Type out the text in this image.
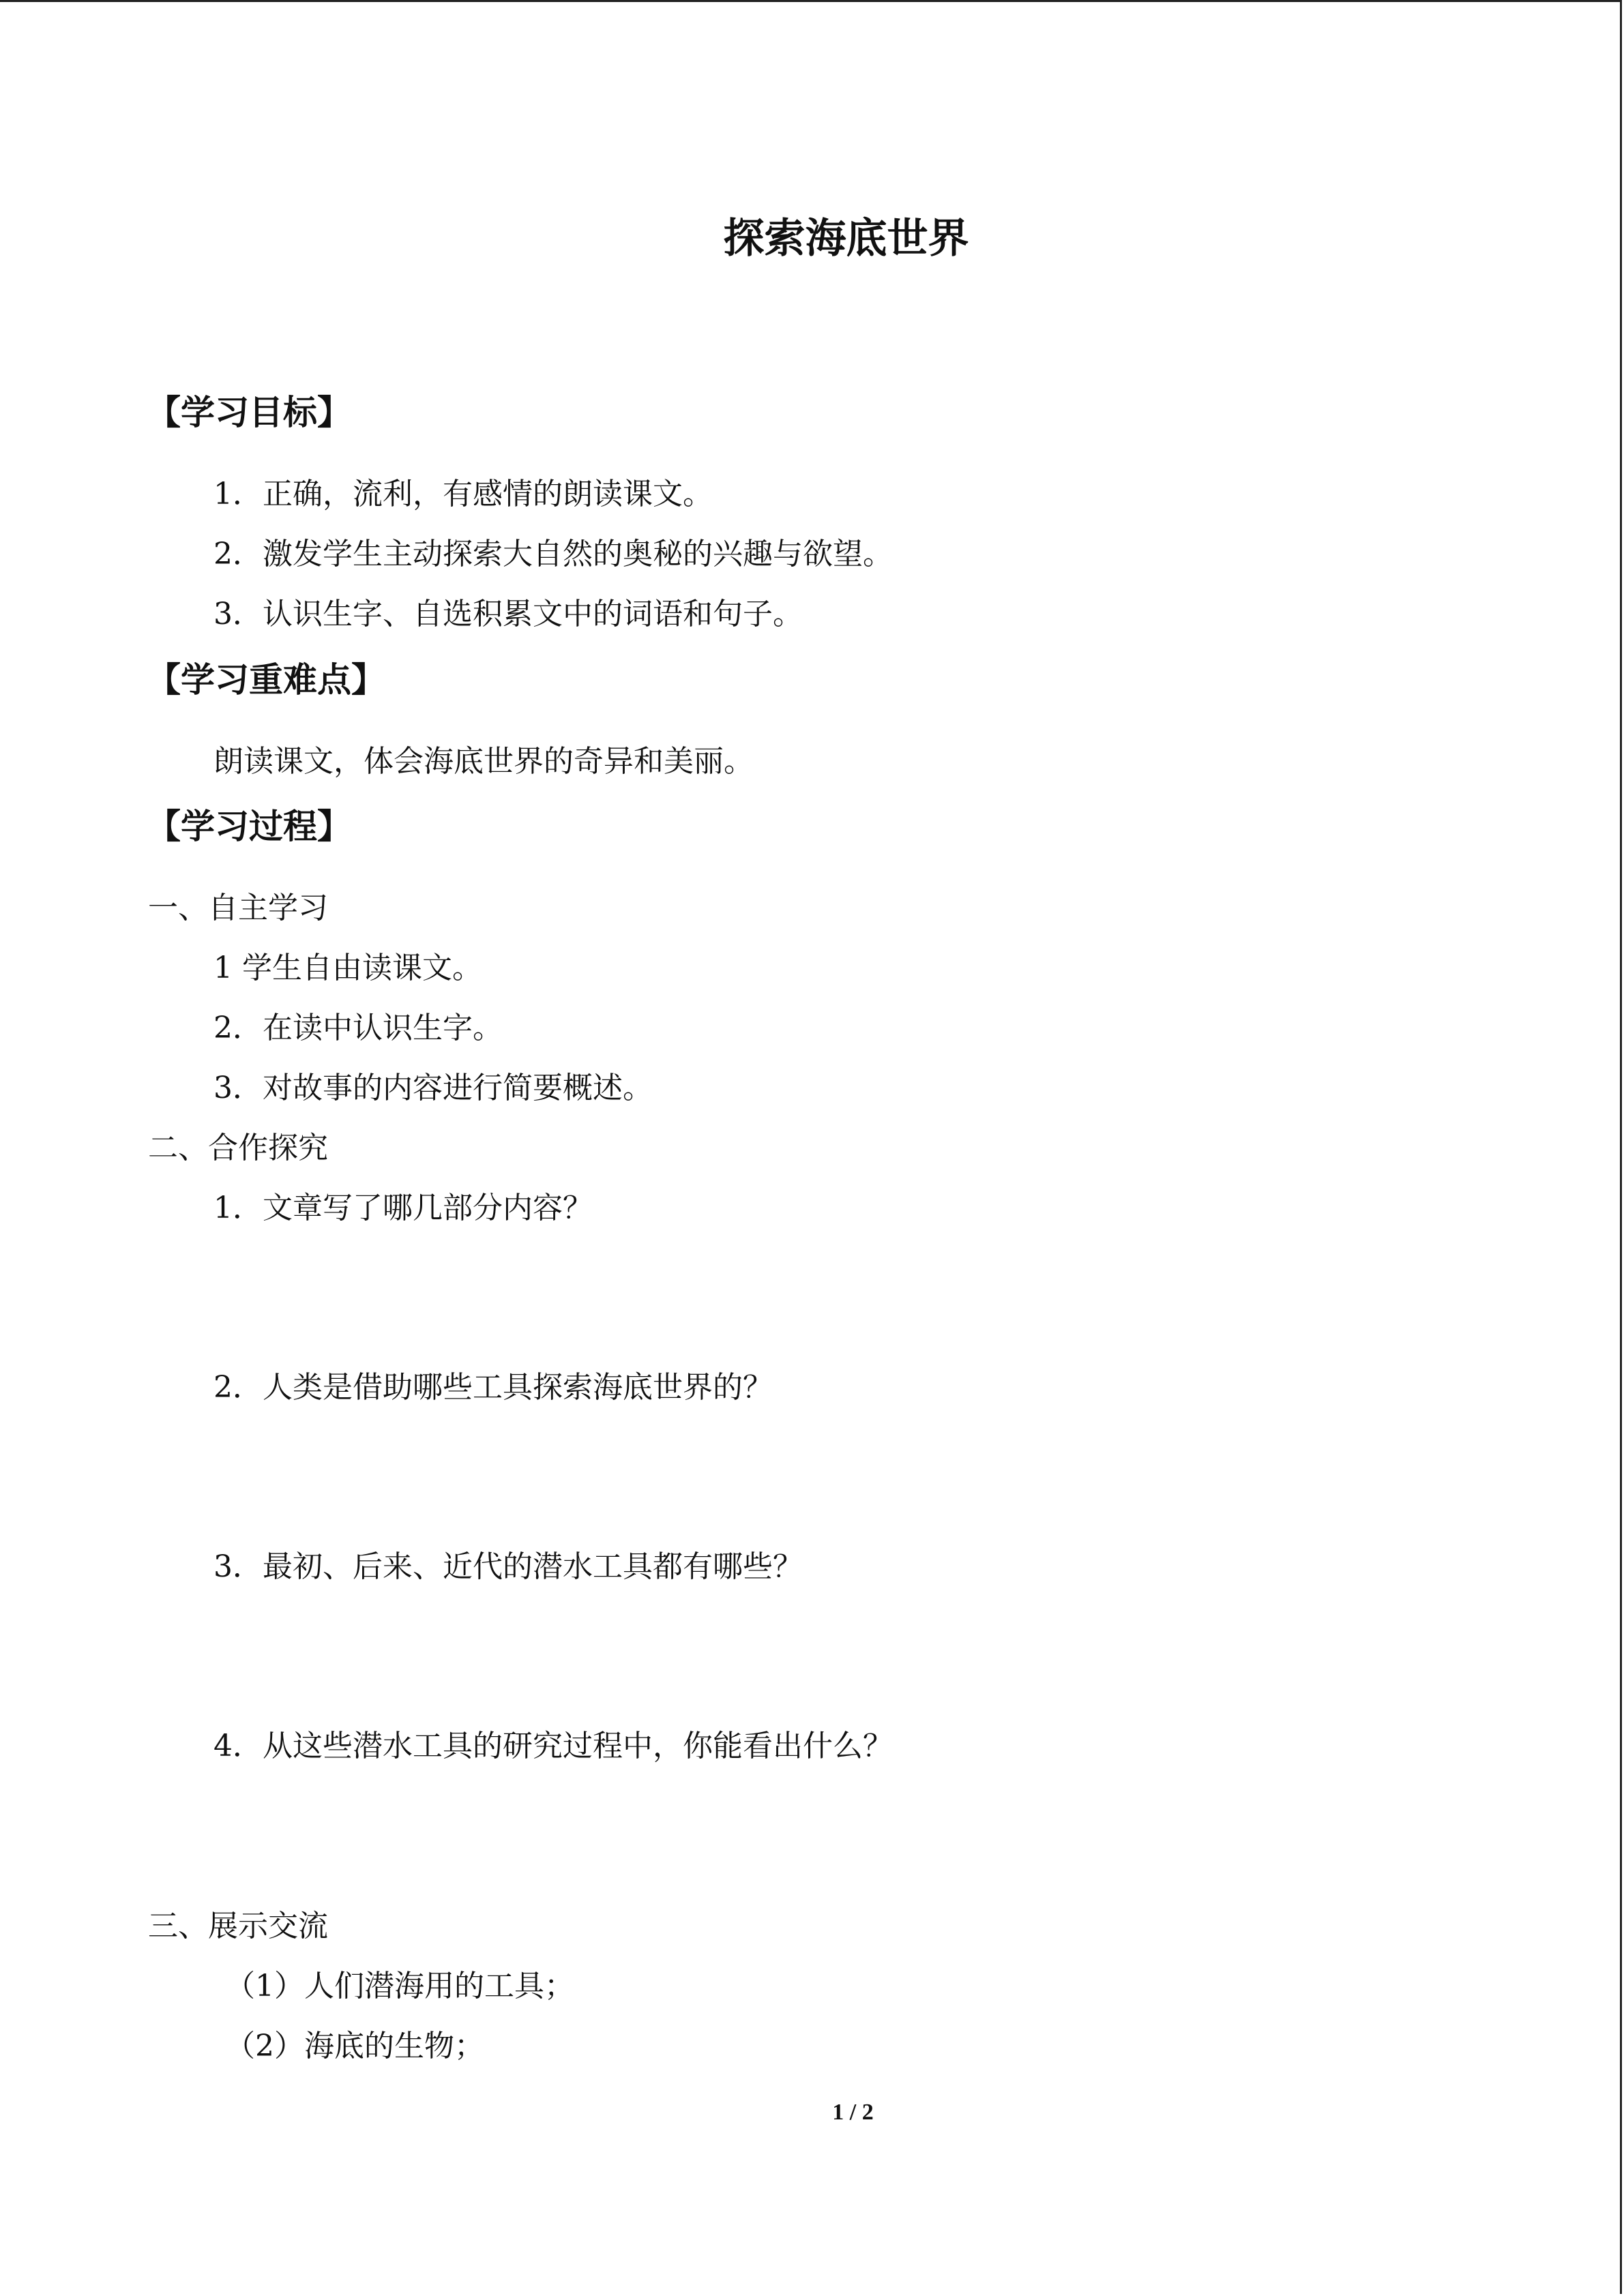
探索海底世界
【学习目标】

1．正确，流利，有感情的朗读课文。

2．激发学生主动探索大自然的奥秘的兴趣与欲望。

3．认识生字、自选积累文中的词语和句子。

【学习重难点】

朗读课文，体会海底世界的奇异和美丽。

【学习过程】

一、自主学习

1 学生自由读课文。

2．在读中认识生字。

3．对故事的内容进行简要概述。

二、合作探究

1．文章写了哪几部分内容？

2．人类是借助哪些工具探索海底世界的？

3．最初、后来、近代的潜水工具都有哪些？

4．从这些潜水工具的研究过程中，你能看出什么？

三、展示交流

（1）人们潜海用的工具；

（2）海底的生物；

1 / 2
